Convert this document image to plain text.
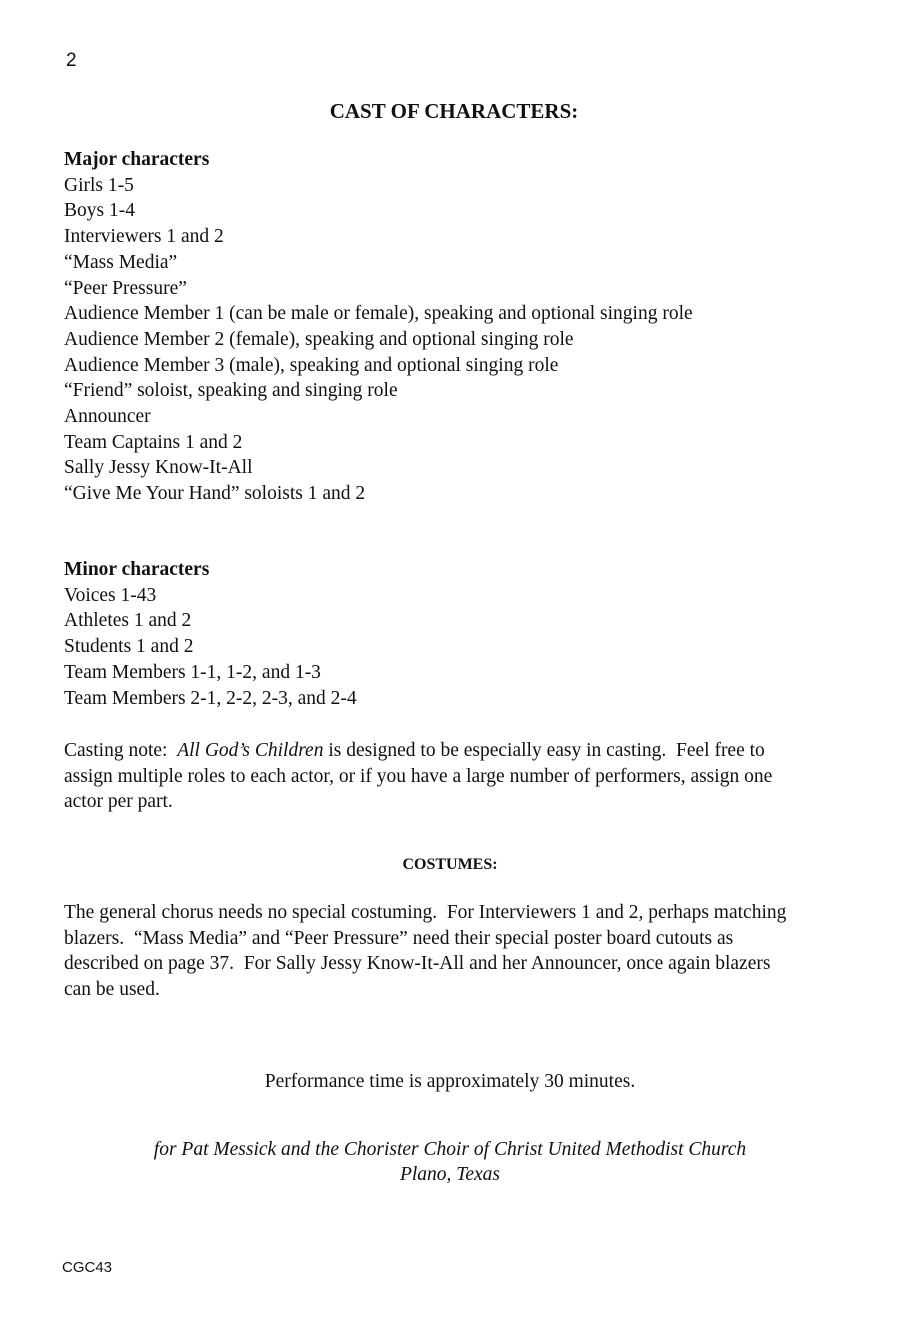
2
CAST OF CHARACTERS:
Major characters
Girls 1-5
Boys 1-4
Interviewers 1 and 2
“Mass Media”
“Peer Pressure”
Audience Member 1 (can be male or female), speaking and optional singing role
Audience Member 2 (female), speaking and optional singing role
Audience Member 3 (male), speaking and optional singing role
“Friend” soloist, speaking and singing role
Announcer
Team Captains 1 and 2
Sally Jessy Know-It-All
“Give Me Your Hand” soloists 1 and 2
Minor characters
Voices 1-43
Athletes 1 and 2
Students 1 and 2
Team Members 1-1, 1-2, and 1-3
Team Members 2-1, 2-2, 2-3, and 2-4
Casting note:  All God’s Children is designed to be especially easy in casting.  Feel free to
assign multiple roles to each actor, or if you have a large number of performers, assign one
actor per part.
COSTUMES:
The general chorus needs no special costuming.  For Interviewers 1 and 2, perhaps matching
blazers.  “Mass Media” and “Peer Pressure” need their special poster board cutouts as
described on page 37.  For Sally Jessy Know-It-All and her Announcer, once again blazers
can be used.
Performance time is approximately 30 minutes.
for Pat Messick and the Chorister Choir of Christ United Methodist Church
Plano, Texas
CGC43
